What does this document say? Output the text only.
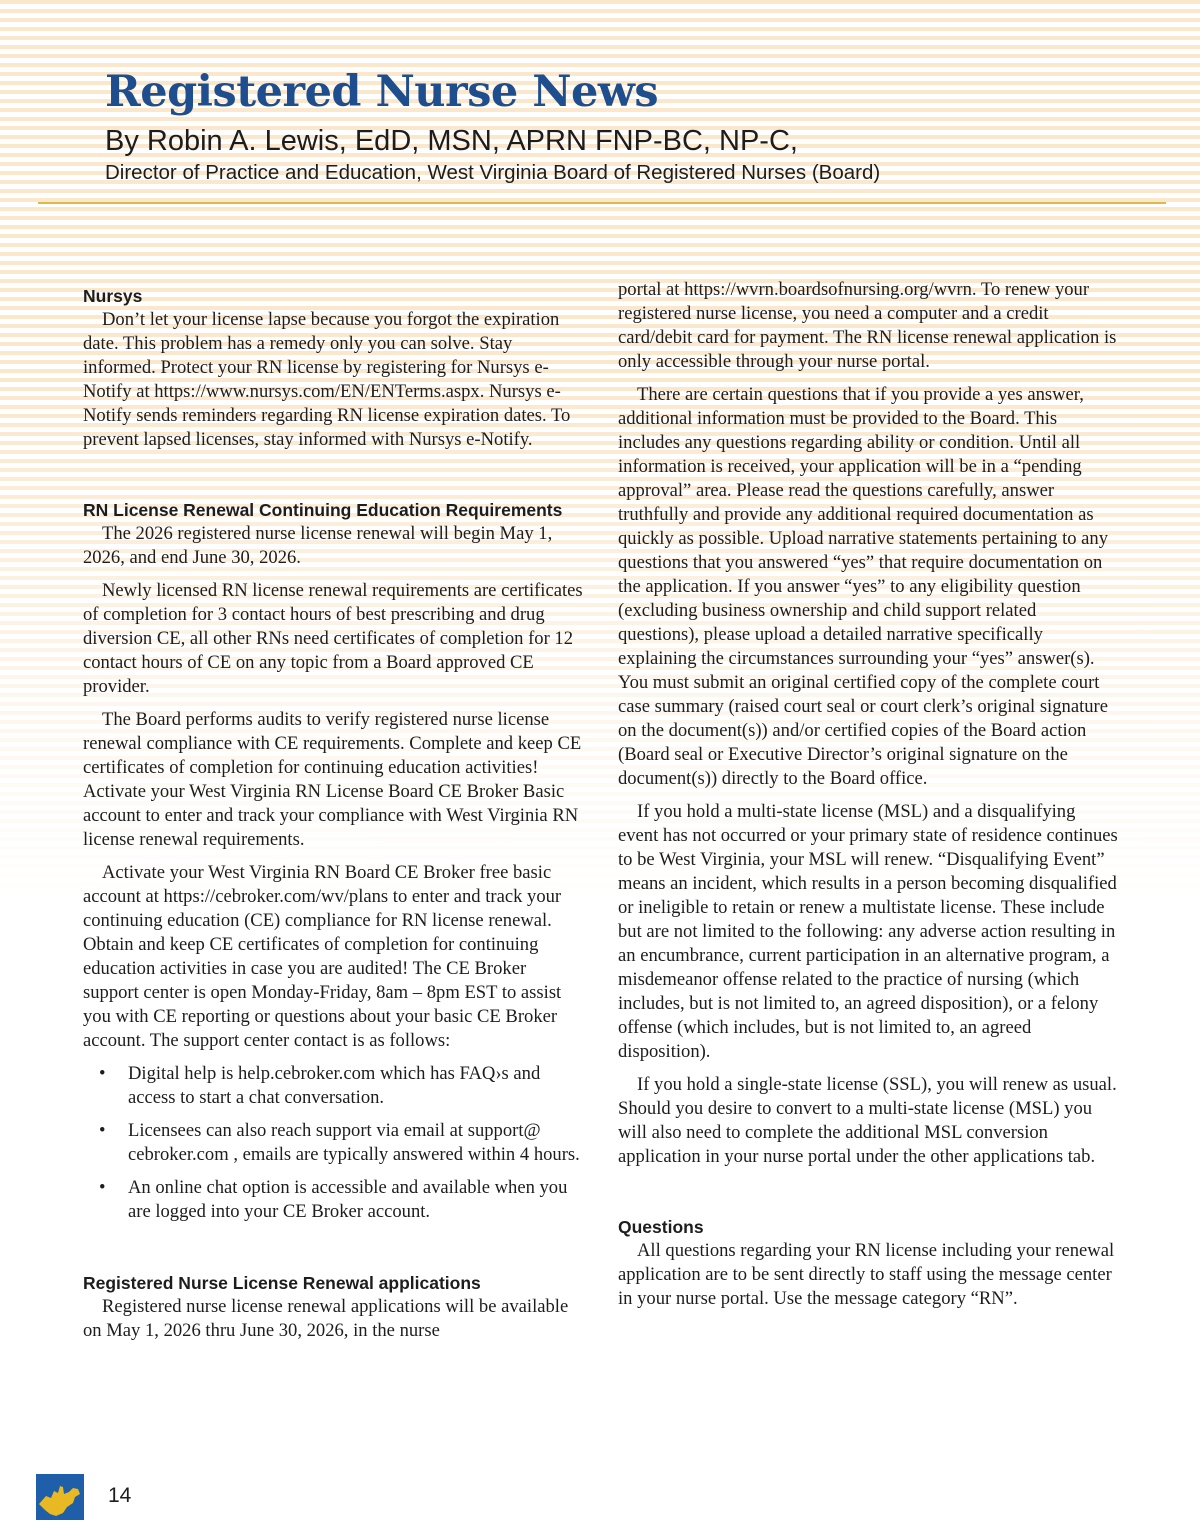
Registered Nurse News
By Robin A. Lewis, EdD, MSN, APRN FNP-BC, NP-C,
Director of Practice and Education, West Virginia Board of Registered Nurses (Board)
Nursys

Don’t let your license lapse because you forgot the expiration date. This problem has a remedy only you can solve. Stay informed. Protect your RN license by registering for Nursys e-Notify at https://www.nursys.com/EN/ENTerms.aspx. Nursys e-Notify sends reminders regarding RN license expiration dates. To prevent lapsed licenses, stay informed with Nursys e-Notify.

RN License Renewal Continuing Education Requirements

The 2026 registered nurse license renewal will begin May 1, 2026, and end June 30, 2026.

Newly licensed RN license renewal requirements are certificates of completion for 3 contact hours of best prescribing and drug diversion CE, all other RNs need certificates of completion for 12 contact hours of CE on any topic from a Board approved CE provider.

The Board performs audits to verify registered nurse license renewal compliance with CE requirements. Complete and keep CE certificates of completion for continuing education activities! Activate your West Virginia RN License Board CE Broker Basic account to enter and track your compliance with West Virginia RN license renewal requirements.

Activate your West Virginia RN Board CE Broker free basic account at https://cebroker.com/wv/plans to enter and track your continuing education (CE) compliance for RN license renewal. Obtain and keep CE certificates of completion for continuing education activities in case you are audited! The CE Broker support center is open Monday-Friday, 8am – 8pm EST to assist you with CE reporting or questions about your basic CE Broker account. The support center contact is as follows:

• Digital help is help.cebroker.com which has FAQ›s and access to start a chat conversation.
• Licensees can also reach support via email at support@ cebroker.com , emails are typically answered within 4 hours.
• An online chat option is accessible and available when you are logged into your CE Broker account.
Registered Nurse License Renewal applications

Registered nurse license renewal applications will be available on May 1, 2026 thru June 30, 2026, in the nurse

portal at https://wvrn.boardsofnursing.org/wvrn. To renew your registered nurse license, you need a computer and a credit card/debit card for payment. The RN license renewal application is only accessible through your nurse portal.

There are certain questions that if you provide a yes answer, additional information must be provided to the Board. This includes any questions regarding ability or condition. Until all information is received, your application will be in a “pending approval” area. Please read the questions carefully, answer truthfully and provide any additional required documentation as quickly as possible. Upload narrative statements pertaining to any questions that you answered “yes” that require documentation on the application. If you answer “yes” to any eligibility question (excluding business ownership and child support related questions), please upload a detailed narrative specifically explaining the circumstances surrounding your “yes” answer(s). You must submit an original certified copy of the complete court case summary (raised court seal or court clerk’s original signature on the document(s)) and/or certified copies of the Board action (Board seal or Executive Director’s original signature on the document(s)) directly to the Board office.

If you hold a multi-state license (MSL) and a disqualifying event has not occurred or your primary state of residence continues to be West Virginia, your MSL will renew. “Disqualifying Event” means an incident, which results in a person becoming disqualified or ineligible to retain or renew a multistate license. These include but are not limited to the following: any adverse action resulting in an encumbrance, current participation in an alternative program, a misdemeanor offense related to the practice of nursing (which includes, but is not limited to, an agreed disposition), or a felony offense (which includes, but is not limited to, an agreed disposition).

If you hold a single-state license (SSL), you will renew as usual. Should you desire to convert to a multi-state license (MSL) you will also need to complete the additional MSL conversion application in your nurse portal under the other applications tab.

Questions

All questions regarding your RN license including your renewal application are to be sent directly to staff using the message center in your nurse portal. Use the message category “RN”.

14
